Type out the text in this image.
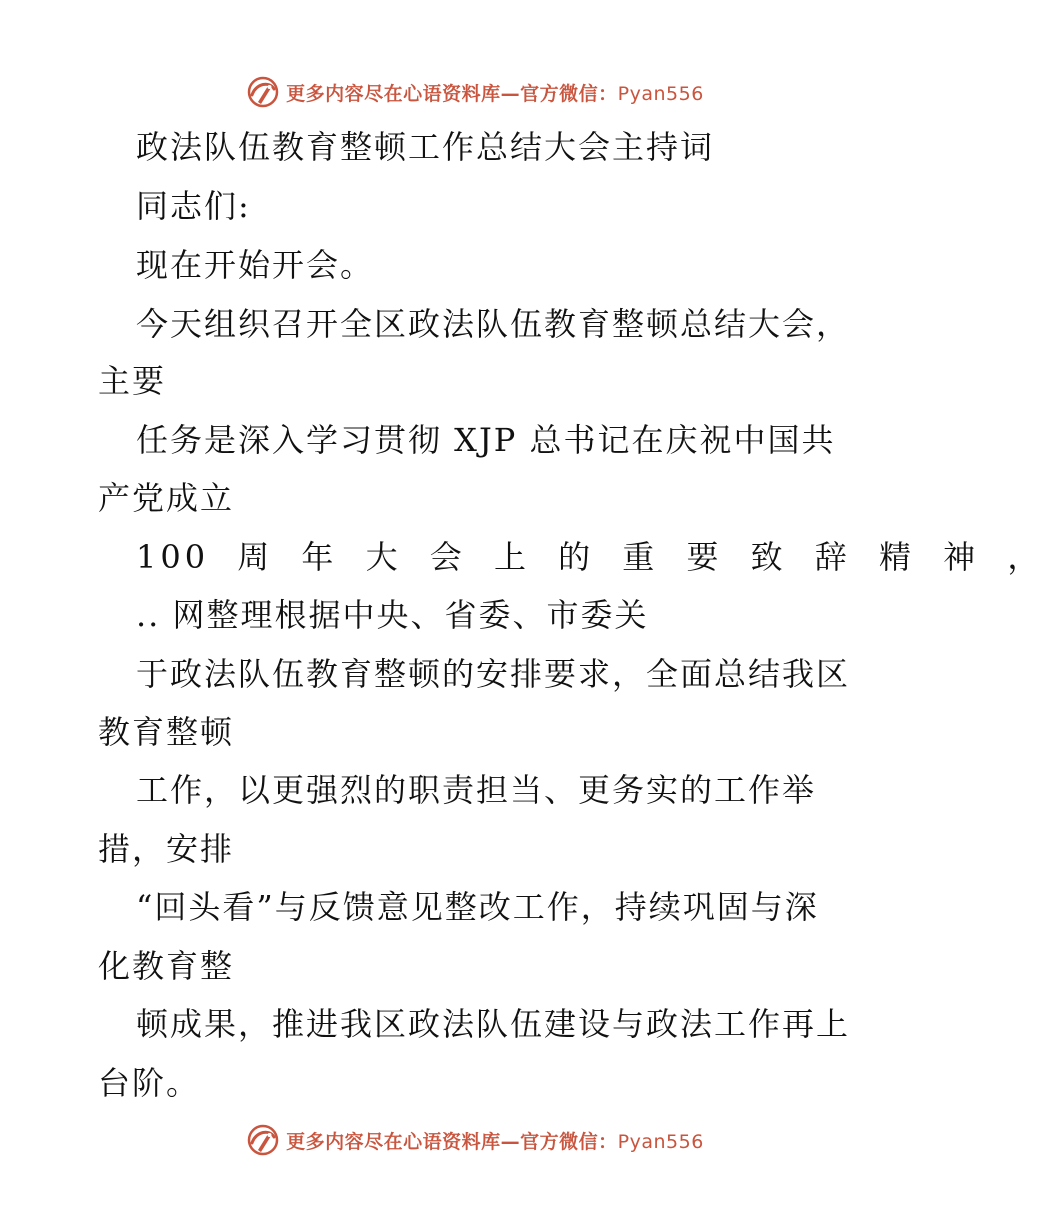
更多内容尽在心语资料库—官方微信：Pyan556
政法队伍教育整顿工作总结大会主持词
同志们:
现在开始开会。
今天组织召开全区政法队伍教育整顿总结大会，
主要
任务是深入学习贯彻 XJP 总书记在庆祝中国共
产党成立
100 周 年 大 会 上 的 重 要 致 辞 精 神 ，
.. 网整理根据中央、省委、市委关
于政法队伍教育整顿的安排要求，全面总结我区
教育整顿
工作，以更强烈的职责担当、更务实的工作举
措，安排
“回头看”与反馈意见整改工作，持续巩固与深
化教育整
顿成果，推进我区政法队伍建设与政法工作再上
台阶。
更多内容尽在心语资料库—官方微信：Pyan556
